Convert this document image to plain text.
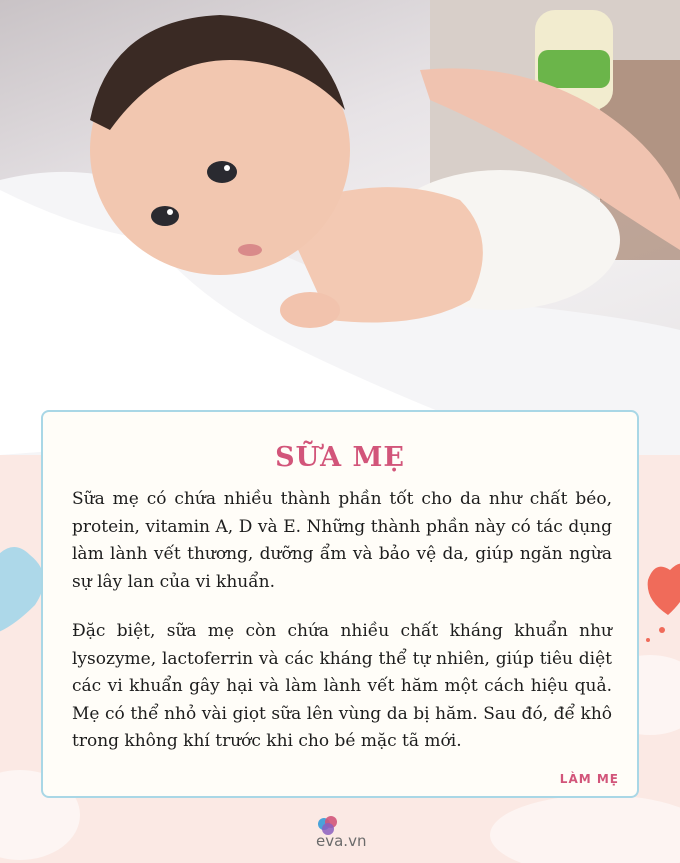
SỮA MẸ
Sữa mẹ có chứa nhiều thành phần tốt cho da như chất béo, protein, vitamin A, D và E. Những thành phần này có tác dụng làm lành vết thương, dưỡng ẩm và bảo vệ da, giúp ngăn ngừa sự lây lan của vi khuẩn.
Đặc biệt, sữa mẹ còn chứa nhiều chất kháng khuẩn như lysozyme, lactoferrin và các kháng thể tự nhiên, giúp tiêu diệt các vi khuẩn gây hại và làm lành vết hăm một cách hiệu quả. Mẹ có thể nhỏ vài giọt sữa lên vùng da bị hăm. Sau đó, để khô trong không khí trước khi cho bé mặc tã mới.
LÀM MẸ
eva.vn
